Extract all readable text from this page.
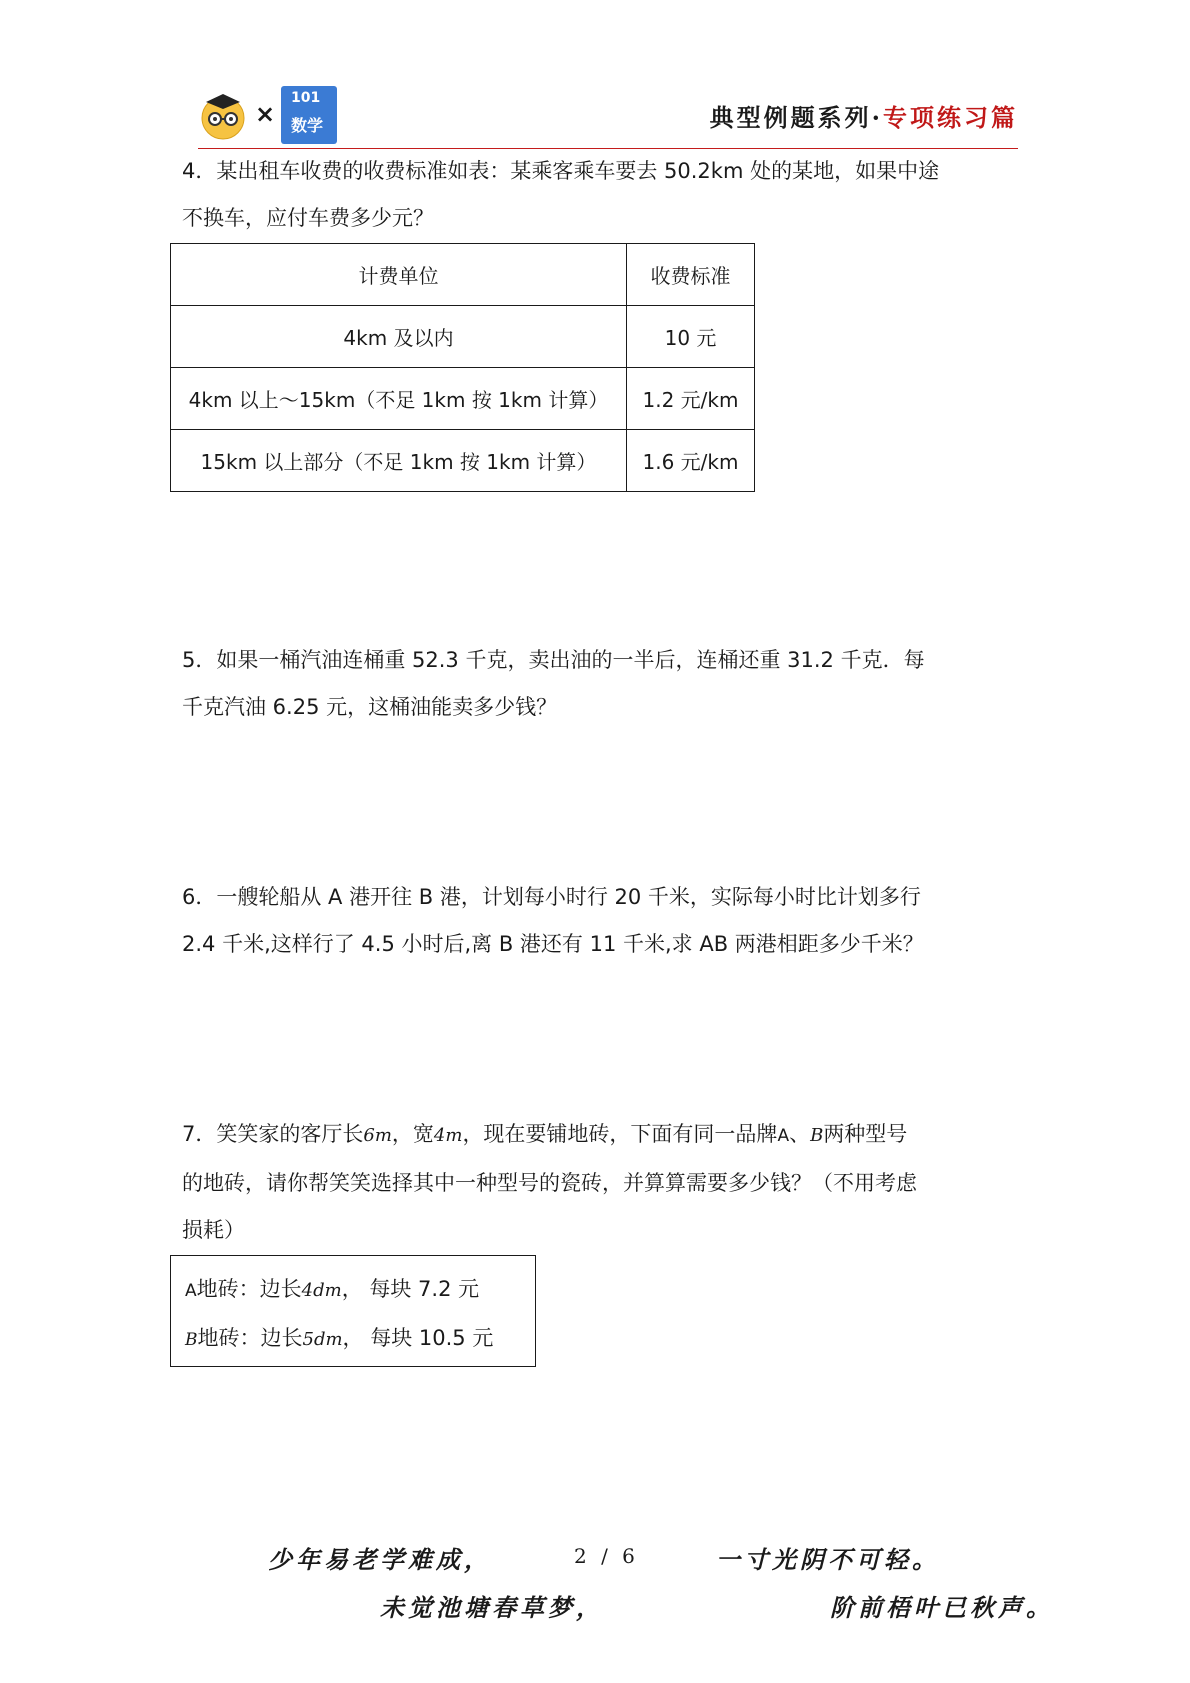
×
101
数学	典型例题系列·专项练习篇

4．某出租车收费的收费标准如表：某乘客乘车要去 50.2km 处的某地，如果中途

不换车，应付车费多少元？

计费单位	收费标准
4km 及以内	10 元
4km 以上～15km（不足 1km 按 1km 计算）	1.2 元/km
15km 以上部分（不足 1km 按 1km 计算）	1.6 元/km

5．如果一桶汽油连桶重 52.3 千克，卖出油的一半后，连桶还重 31.2 千克．每

千克汽油 6.25 元，这桶油能卖多少钱？

6．一艘轮船从 A 港开往 B 港，计划每小时行 20 千米，实际每小时比计划多行

2.4 千米,这样行了 4.5 小时后,离 B 港还有 11 千米,求 AB 两港相距多少千米？

7．笑笑家的客厅长6m，宽4m，现在要铺地砖，下面有同一品牌A、B两种型号

的地砖，请你帮笑笑选择其中一种型号的瓷砖，并算算需要多少钱？（不用考虑

损耗）

A地砖：边长4dm， 每块 7.2 元

B地砖：边长5dm， 每块 10.5 元

少年易老学难成，	2 / 6	一寸光阴不可轻。
未觉池塘春草梦，	阶前梧叶已秋声。
